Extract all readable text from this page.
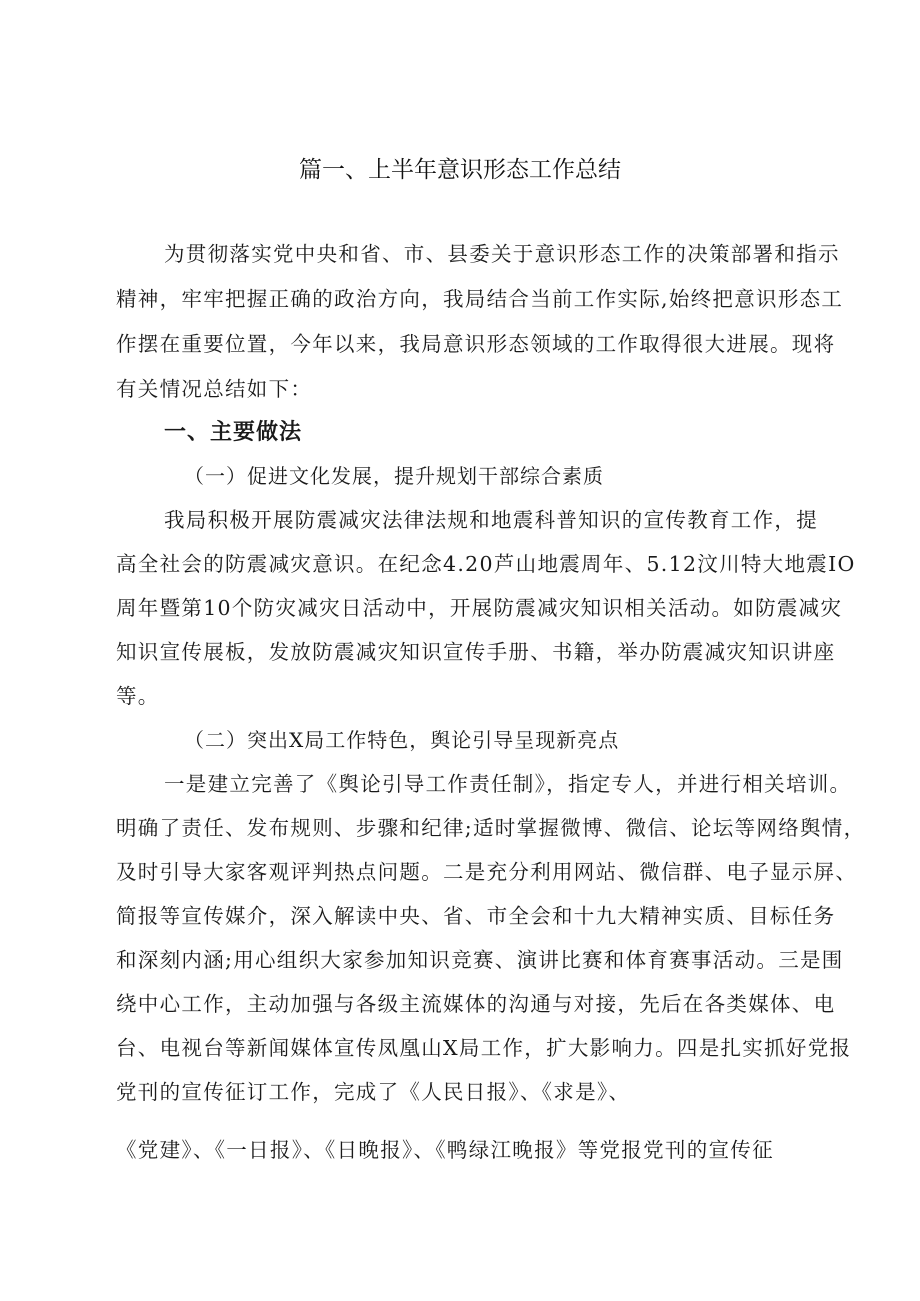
篇一、上半年意识形态工作总结
为贯彻落实党中央和省、市、县委关于意识形态工作的决策部署和指示
精神，牢牢把握正确的政治方向，我局结合当前工作实际,始终把意识形态工
作摆在重要位置，今年以来，我局意识形态领域的工作取得很大进展。现将
有关情况总结如下：
一、主要做法
（一）促进文化发展，提升规划干部综合素质
我局积极开展防震减灾法律法规和地震科普知识的宣传教育工作，提
高全社会的防震减灾意识。在纪念4.20芦山地震周年、5.12汶川特大地震IO
周年暨第10个防灾减灾日活动中，开展防震减灾知识相关活动。如防震减灾
知识宣传展板，发放防震减灾知识宣传手册、书籍，举办防震减灾知识讲座
等。
（二）突出X局工作特色，舆论引导呈现新亮点
一是建立完善了《舆论引导工作责任制》，指定专人，并进行相关培训。
明确了责任、发布规则、步骤和纪律;适时掌握微博、微信、论坛等网络舆情，
及时引导大家客观评判热点问题。二是充分利用网站、微信群、电子显示屏、
简报等宣传媒介，深入解读中央、省、市全会和十九大精神实质、目标任务
和深刻内涵;用心组织大家参加知识竞赛、演讲比赛和体育赛事活动。三是围
绕中心工作，主动加强与各级主流媒体的沟通与对接，先后在各类媒体、电
台、电视台等新闻媒体宣传凤凰山X局工作，扩大影响力。四是扎实抓好党报
党刊的宣传征订工作，完成了《人民日报》、《求是》、
《党建》、《一日报》、《日晚报》、《鸭绿江晚报》等党报党刊的宣传征
